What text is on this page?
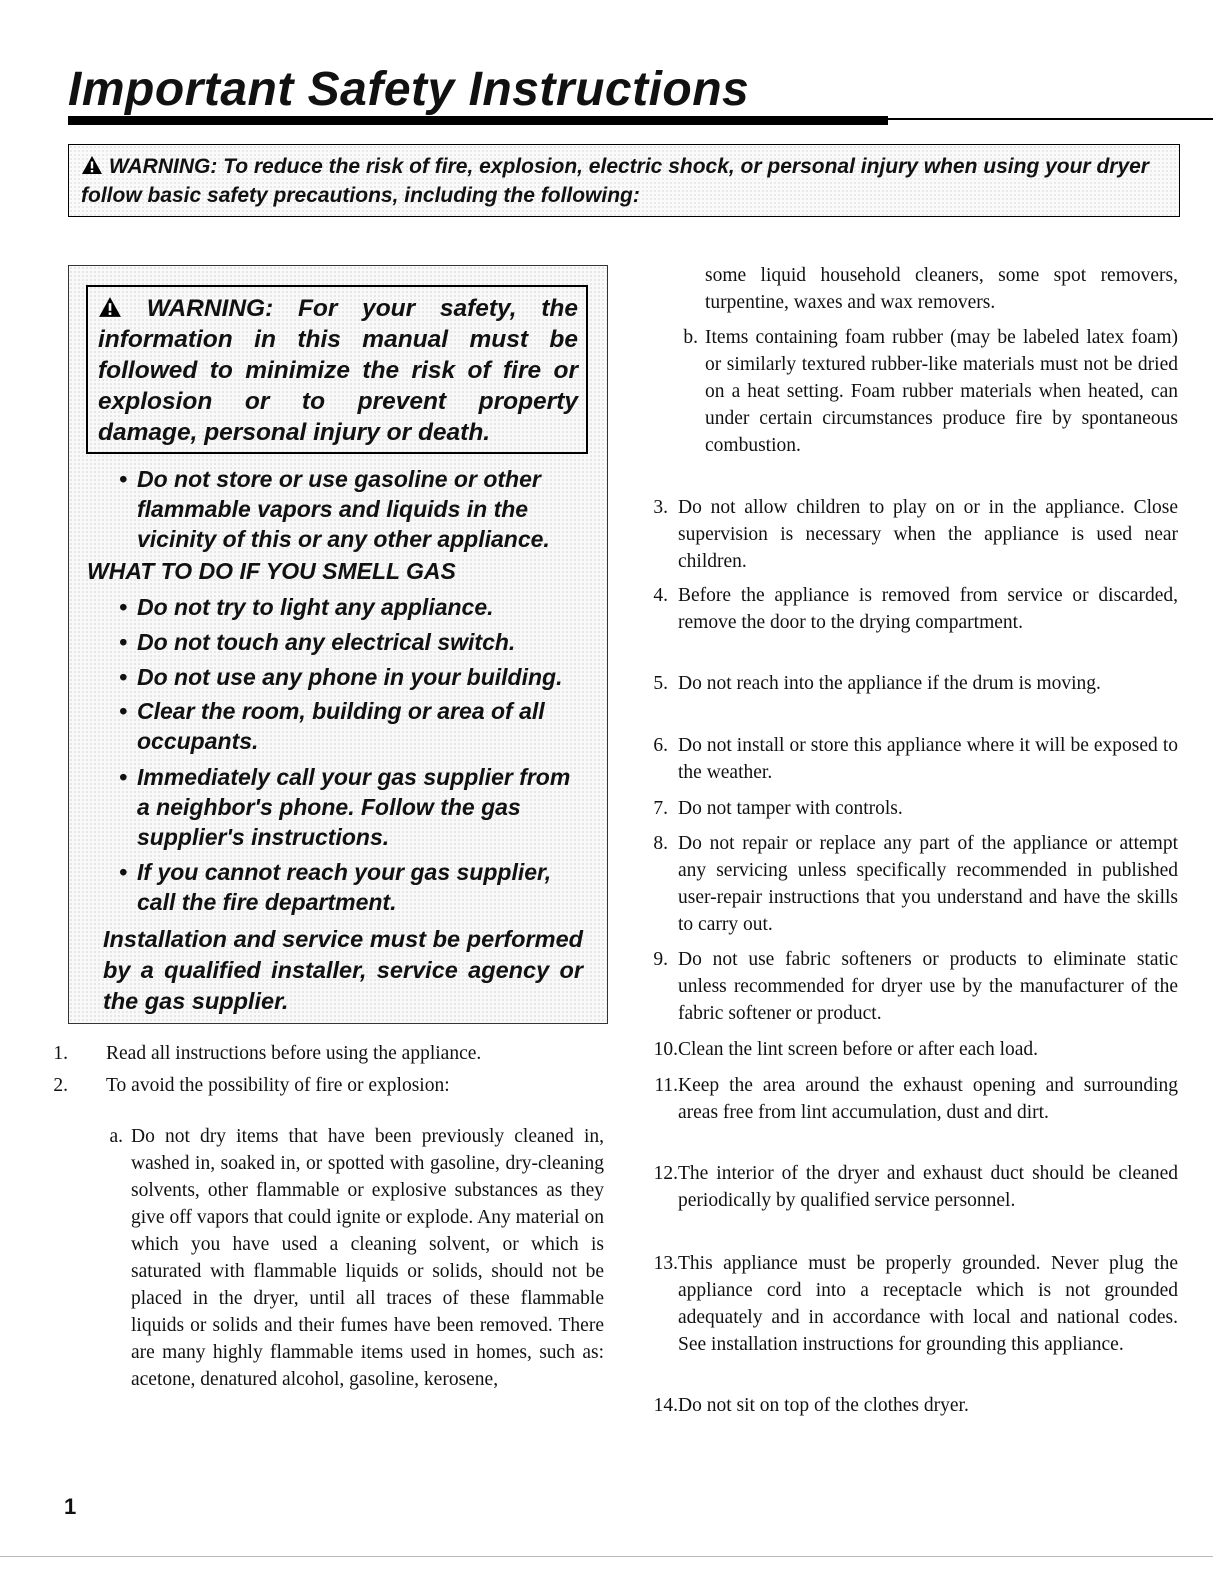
Important Safety Instructions

WARNING: To reduce the risk of fire, explosion, electric shock, or personal injury when using your dryer follow basic safety precautions, including the following:

WARNING: For your safety, the information in this manual must be followed to minimize the risk of fire or explosion or to prevent property damage, personal injury or death.

• Do not store or use gasoline or other

flammable vapors and liquids in the

vicinity of this or any other appliance.

WHAT TO DO IF YOU SMELL GAS

• Do not try to light any appliance.

• Do not touch any electrical switch.

• Do not use any phone in your building.

• Clear the room, building or area of all

occupants.

• Immediately call your gas supplier from

a neighbor's phone. Follow the gas

supplier's instructions.

• If you cannot reach your gas supplier,

call the fire department.

Installation and service must be performed by a qualified installer, service agency or the gas supplier.

1. Read all instructions before using the appliance.
2. To avoid the possibility of fire or explosion:
a. Do not dry items that have been previously cleaned in, washed in, soaked in, or spotted with gasoline, dry-cleaning solvents, other flammable or explosive substances as they give off vapors that could ignite or explode. Any material on which you have used a cleaning solvent, or which is saturated with flammable liquids or solids, should not be placed in the dryer, until all traces of these flammable liquids or solids and their fumes have been removed. There are many highly flammable items used in homes, such as: acetone, denatured alcohol, gasoline, kerosene,
some liquid household cleaners, some spot removers, turpentine, waxes and wax removers.
b. Items containing foam rubber (may be labeled latex foam) or similarly textured rubber-like materials must not be dried on a heat setting. Foam rubber materials when heated, can under certain circumstances produce fire by spontaneous combustion.
3. Do not allow children to play on or in the appliance. Close supervision is necessary when the appliance is used near children.
4. Before the appliance is removed from service or discarded, remove the door to the drying compartment.
5. Do not reach into the appliance if the drum is moving.
6. Do not install or store this appliance where it will be exposed to the weather.
7. Do not tamper with controls.
8. Do not repair or replace any part of the appliance or attempt any servicing unless specifically recommended in published user-repair instructions that you understand and have the skills to carry out.
9. Do not use fabric softeners or products to eliminate static unless recommended for dryer use by the manufacturer of the fabric softener or product.
10. Clean the lint screen before or after each load.
11. Keep the area around the exhaust opening and surrounding areas free from lint accumulation, dust and dirt.
12. The interior of the dryer and exhaust duct should be cleaned periodically by qualified service personnel.
13. This appliance must be properly grounded. Never plug the appliance cord into a receptacle which is not grounded adequately and in accordance with local and national codes. See installation instructions for grounding this appliance.
14. Do not sit on top of the clothes dryer.

1
